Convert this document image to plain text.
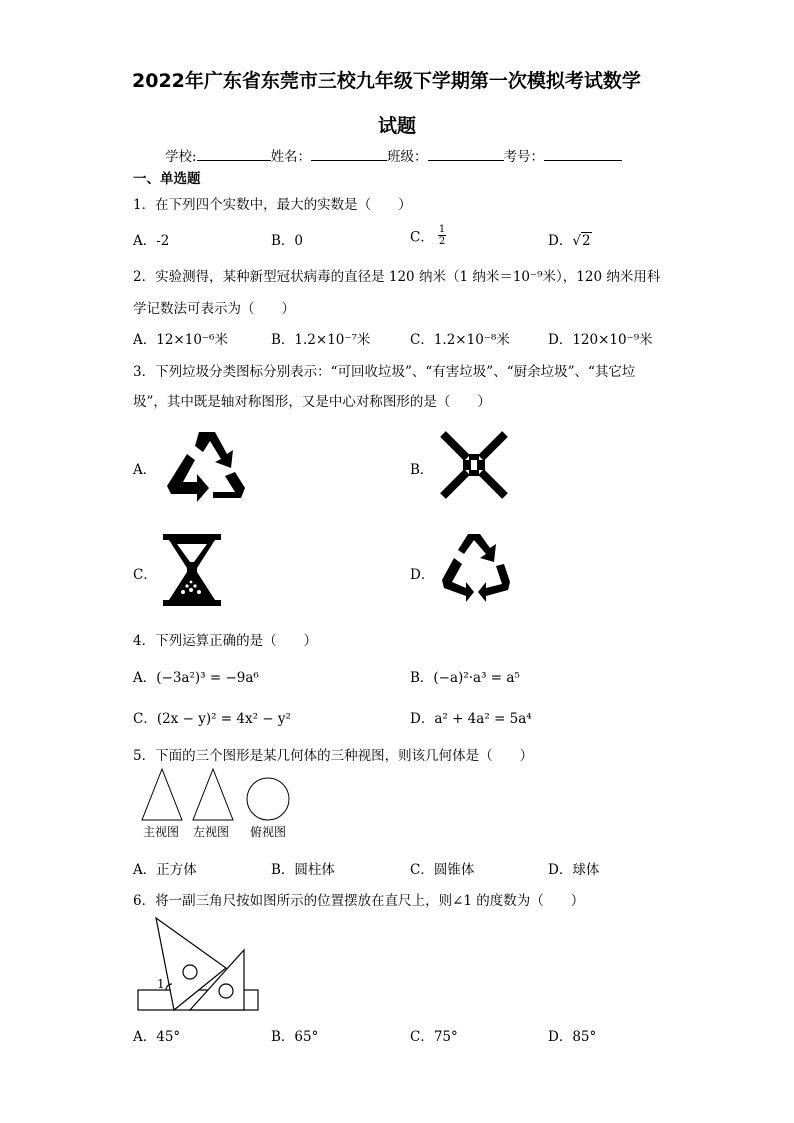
2022年广东省东莞市三校九年级下学期第一次模拟考试数学
试题
学校:	姓名：	班级：	考号：
一、单选题
1．在下列四个实数中，最大的实数是（　　）
A．-2	B．0	C． $\frac{1}{2}$	D．√2
2．实验测得，某种新型冠状病毒的直径是 120 纳米（1 纳米＝10⁻⁹米），120 纳米用科
学记数法可表示为（　　）
A．12×10⁻⁶米	B．1.2×10⁻⁷米	C．1.2×10⁻⁸米	D．120×10⁻⁹米
3．下列垃圾分类图标分别表示：“可回收垃圾”、“有害垃圾”、“厨余垃圾”、“其它垃
圾”，其中既是轴对称图形，又是中心对称图形的是（　　）
A．	B．
C．	D．
4．下列运算正确的是（　　）
A．(−3a²)³ = −9a⁶	B．(−a)²·a³ = a⁵
C．(2x − y)² = 4x² − y²	D．a² + 4a² = 5a⁴
5．下面的三个图形是某几何体的三种视图，则该几何体是（　　）
主视图 左视图 俯视图
A．正方体	B．圆柱体	C．圆锥体	D．球体
6．将一副三角尺按如图所示的位置摆放在直尺上，则∠1 的度数为（　　）
1
A．45°	B．65°	C．75°	D．85°
